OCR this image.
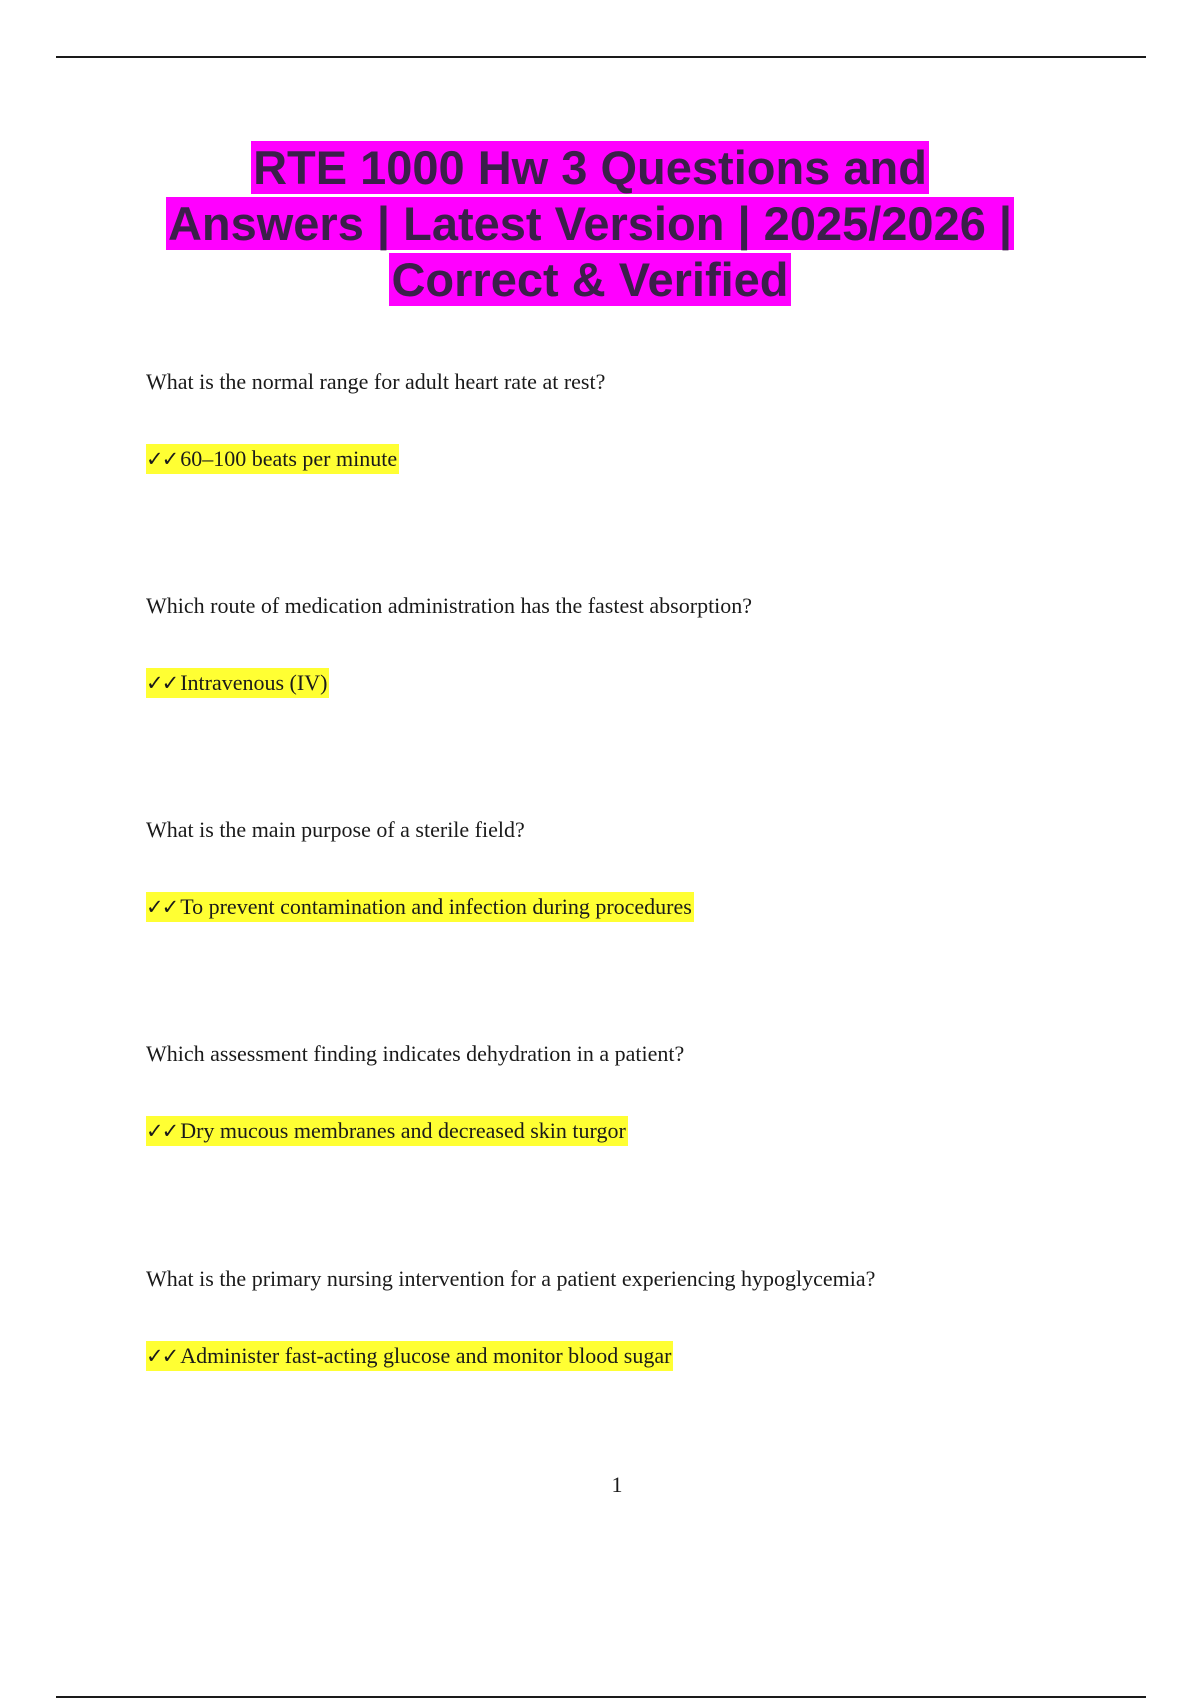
RTE 1000 Hw 3 Questions and
Answers | Latest Version | 2025/2026 |
Correct & Verified

What is the normal range for adult heart rate at rest?

✓✓ 60–100 beats per minute

Which route of medication administration has the fastest absorption?

✓✓ Intravenous (IV)

What is the main purpose of a sterile field?

✓✓ To prevent contamination and infection during procedures

Which assessment finding indicates dehydration in a patient?

✓✓ Dry mucous membranes and decreased skin turgor

What is the primary nursing intervention for a patient experiencing hypoglycemia?

✓✓ Administer fast-acting glucose and monitor blood sugar
1
